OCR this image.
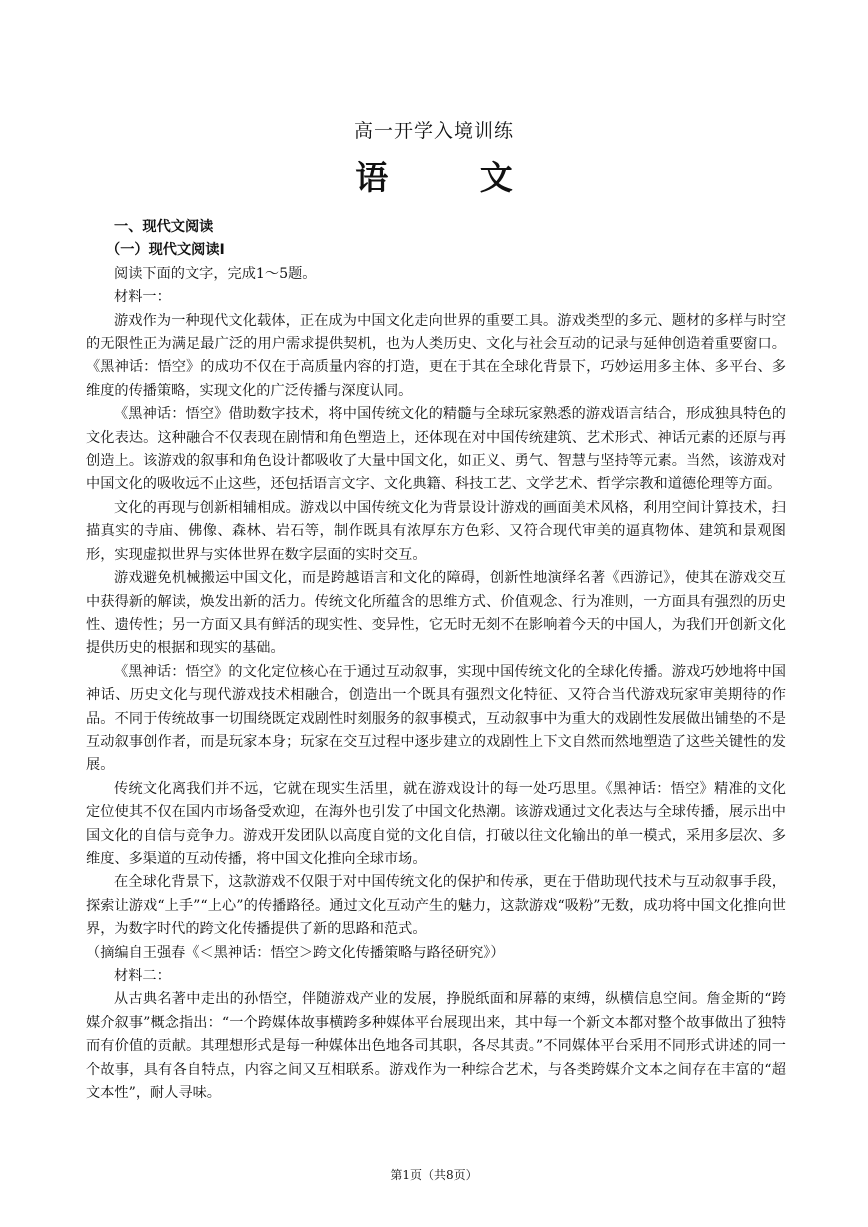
高一开学入境训练
语 文

一、现代文阅读

（一）现代文阅读Ⅰ

阅读下面的文字，完成1～5题。

材料一：

游戏作为一种现代文化载体，正在成为中国文化走向世界的重要工具。游戏类型的多元、题材的多样与时空的无限性正为满足最广泛的用户需求提供契机，也为人类历史、文化与社会互动的记录与延伸创造着重要窗口。《黑神话：悟空》的成功不仅在于高质量内容的打造，更在于其在全球化背景下，巧妙运用多主体、多平台、多维度的传播策略，实现文化的广泛传播与深度认同。

《黑神话：悟空》借助数字技术，将中国传统文化的精髓与全球玩家熟悉的游戏语言结合，形成独具特色的文化表达。这种融合不仅表现在剧情和角色塑造上，还体现在对中国传统建筑、艺术形式、神话元素的还原与再创造上。该游戏的叙事和角色设计都吸收了大量中国文化，如正义、勇气、智慧与坚持等元素。当然，该游戏对中国文化的吸收远不止这些，还包括语言文字、文化典籍、科技工艺、文学艺术、哲学宗教和道德伦理等方面。

文化的再现与创新相辅相成。游戏以中国传统文化为背景设计游戏的画面美术风格，利用空间计算技术，扫描真实的寺庙、佛像、森林、岩石等，制作既具有浓厚东方色彩、又符合现代审美的逼真物体、建筑和景观图形，实现虚拟世界与实体世界在数字层面的实时交互。

游戏避免机械搬运中国文化，而是跨越语言和文化的障碍，创新性地演绎名著《西游记》，使其在游戏交互中获得新的解读，焕发出新的活力。传统文化所蕴含的思维方式、价值观念、行为准则，一方面具有强烈的历史性、遗传性；另一方面又具有鲜活的现实性、变异性，它无时无刻不在影响着今天的中国人，为我们开创新文化提供历史的根据和现实的基础。

《黑神话：悟空》的文化定位核心在于通过互动叙事，实现中国传统文化的全球化传播。游戏巧妙地将中国神话、历史文化与现代游戏技术相融合，创造出一个既具有强烈文化特征、又符合当代游戏玩家审美期待的作品。不同于传统故事一切围绕既定戏剧性时刻服务的叙事模式，互动叙事中为重大的戏剧性发展做出铺垫的不是互动叙事创作者，而是玩家本身；玩家在交互过程中逐步建立的戏剧性上下文自然而然地塑造了这些关键性的发展。

传统文化离我们并不远，它就在现实生活里，就在游戏设计的每一处巧思里。《黑神话：悟空》精准的文化定位使其不仅在国内市场备受欢迎，在海外也引发了中国文化热潮。该游戏通过文化表达与全球传播，展示出中国文化的自信与竞争力。游戏开发团队以高度自觉的文化自信，打破以往文化输出的单一模式，采用多层次、多维度、多渠道的互动传播，将中国文化推向全球市场。

在全球化背景下，这款游戏不仅限于对中国传统文化的保护和传承，更在于借助现代技术与互动叙事手段，探索让游戏“上手”“上心”的传播路径。通过文化互动产生的魅力，这款游戏“吸粉”无数，成功将中国文化推向世界，为数字时代的跨文化传播提供了新的思路和范式。

（摘编自王强春《＜黑神话：悟空＞跨文化传播策略与路径研究》）

材料二：

从古典名著中走出的孙悟空，伴随游戏产业的发展，挣脱纸面和屏幕的束缚，纵横信息空间。詹金斯的“跨媒介叙事”概念指出：“一个跨媒体故事横跨多种媒体平台展现出来，其中每一个新文本都对整个故事做出了独特而有价值的贡献。其理想形式是每一种媒体出色地各司其职，各尽其责。”不同媒体平台采用不同形式讲述的同一个故事，具有各自特点，内容之间又互相联系。游戏作为一种综合艺术，与各类跨媒介文本之间存在丰富的“超文本性”，耐人寻味。

第1页（共8页）
